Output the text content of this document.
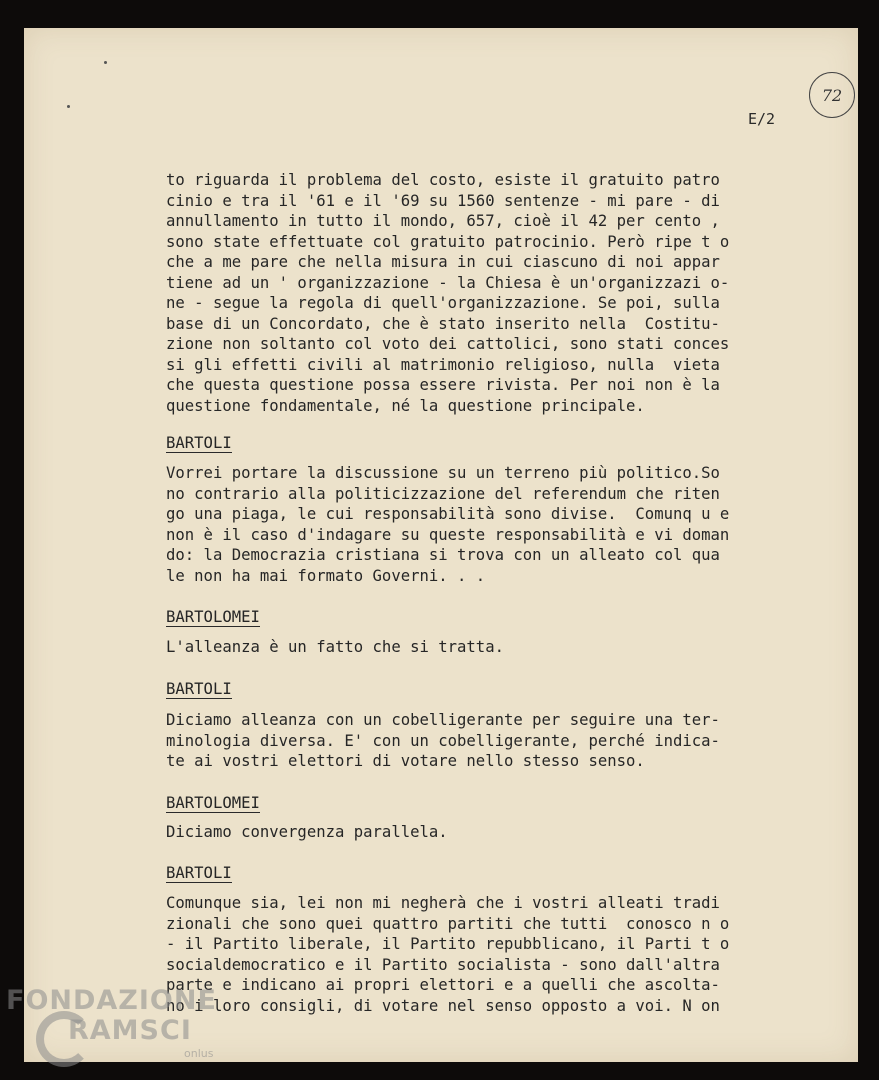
72
E/2
to riguarda il problema del costo, esiste il gratuito patro
cinio e tra il '61 e il '69 su 1560 sentenze - mi pare - di
annullamento in tutto il mondo, 657, cioè il 42 per cento ,
sono state effettuate col gratuito patrocinio. Però ripe t o
che a me pare che nella misura in cui ciascuno di noi appar
tiene ad un ' organizzazione - la Chiesa è un'organizzazi o-
ne - segue la regola di quell'organizzazione. Se poi, sulla
base di un Concordato, che è stato inserito nella  Costitu-
zione non soltanto col voto dei cattolici, sono stati conces
si gli effetti civili al matrimonio religioso, nulla  vieta
che questa questione possa essere rivista. Per noi non è la
questione fondamentale, né la questione principale.
BARTOLI
Vorrei portare la discussione su un terreno più politico.So
no contrario alla politicizzazione del referendum che riten
go una piaga, le cui responsabilità sono divise.  Comunq u e
non è il caso d'indagare su queste responsabilità e vi doman
do: la Democrazia cristiana si trova con un alleato col qua
le non ha mai formato Governi. . .
BARTOLOMEI
L'alleanza è un fatto che si tratta.
BARTOLI
Diciamo alleanza con un cobelligerante per seguire una ter-
minologia diversa. E' con un cobelligerante, perché indica-
te ai vostri elettori di votare nello stesso senso.
BARTOLOMEI
Diciamo convergenza parallela.
BARTOLI
Comunque sia, lei non mi negherà che i vostri alleati tradi
zionali che sono quei quattro partiti che tutti  conosco n o
- il Partito liberale, il Partito repubblicano, il Parti t o
socialdemocratico e il Partito socialista - sono dall'altra
parte e indicano ai propri elettori e a quelli che ascolta-
no i loro consigli, di votare nel senso opposto a voi. N on
FONDAZIONE
RAMSCI
onlus
